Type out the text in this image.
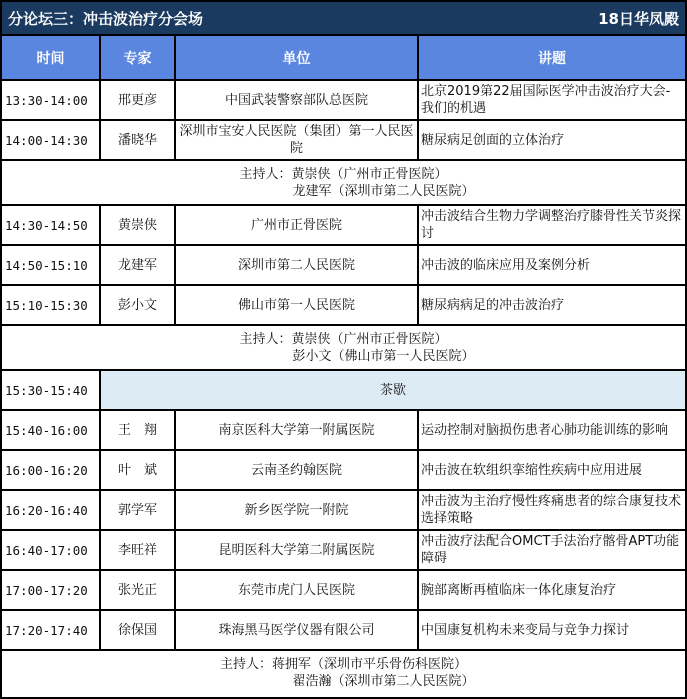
分论坛三：冲击波治疗分会场	18日华凤殿
时间	专家	单位	讲题
13:30-14:00	邢更彦	中国武装警察部队总医院	北京2019第22届国际医学冲击波治疗大会-我们的机遇
14:00-14:30	潘晓华	深圳市宝安人民医院（集团）第一人民医院	糖尿病足创面的立体治疗

主持人：黄崇侠（广州市正骨医院）
龙建军（深圳市第二人民医院）			

14:30-14:50	黄崇侠	广州市正骨医院	冲击波结合生物力学调整治疗膝骨性关节炎探讨
14:50-15:10	龙建军	深圳市第二人民医院	冲击波的临床应用及案例分析
15:10-15:30	彭小文	佛山市第一人民医院	糖尿病病足的冲击波治疗

主持人：黄崇侠（广州市正骨医院）
彭小文（佛山市第一人民医院）			

15:30-15:40	茶歇		
15:40-16:00	王　翔	南京医科大学第一附属医院	运动控制对脑损伤患者心肺功能训练的影响
16:00-16:20	叶　斌	云南圣约翰医院	冲击波在软组织挛缩性疾病中应用进展
16:20-16:40	郭学军	新乡医学院一附院	冲击波为主治疗慢性疼痛患者的综合康复技术选择策略
16:40-17:00	李旺祥	昆明医科大学第二附属医院	冲击波疗法配合OMCT手法治疗髂骨APT功能障碍
17:00-17:20	张光正	东莞市虎门人民医院	腕部离断再植临床一体化康复治疗
17:20-17:40	徐保国	珠海黑马医学仪器有限公司	中国康复机构未来变局与竞争力探讨

主持人：蒋拥军（深圳市平乐骨伤科医院）
翟浩瀚（深圳市第二人民医院）			
